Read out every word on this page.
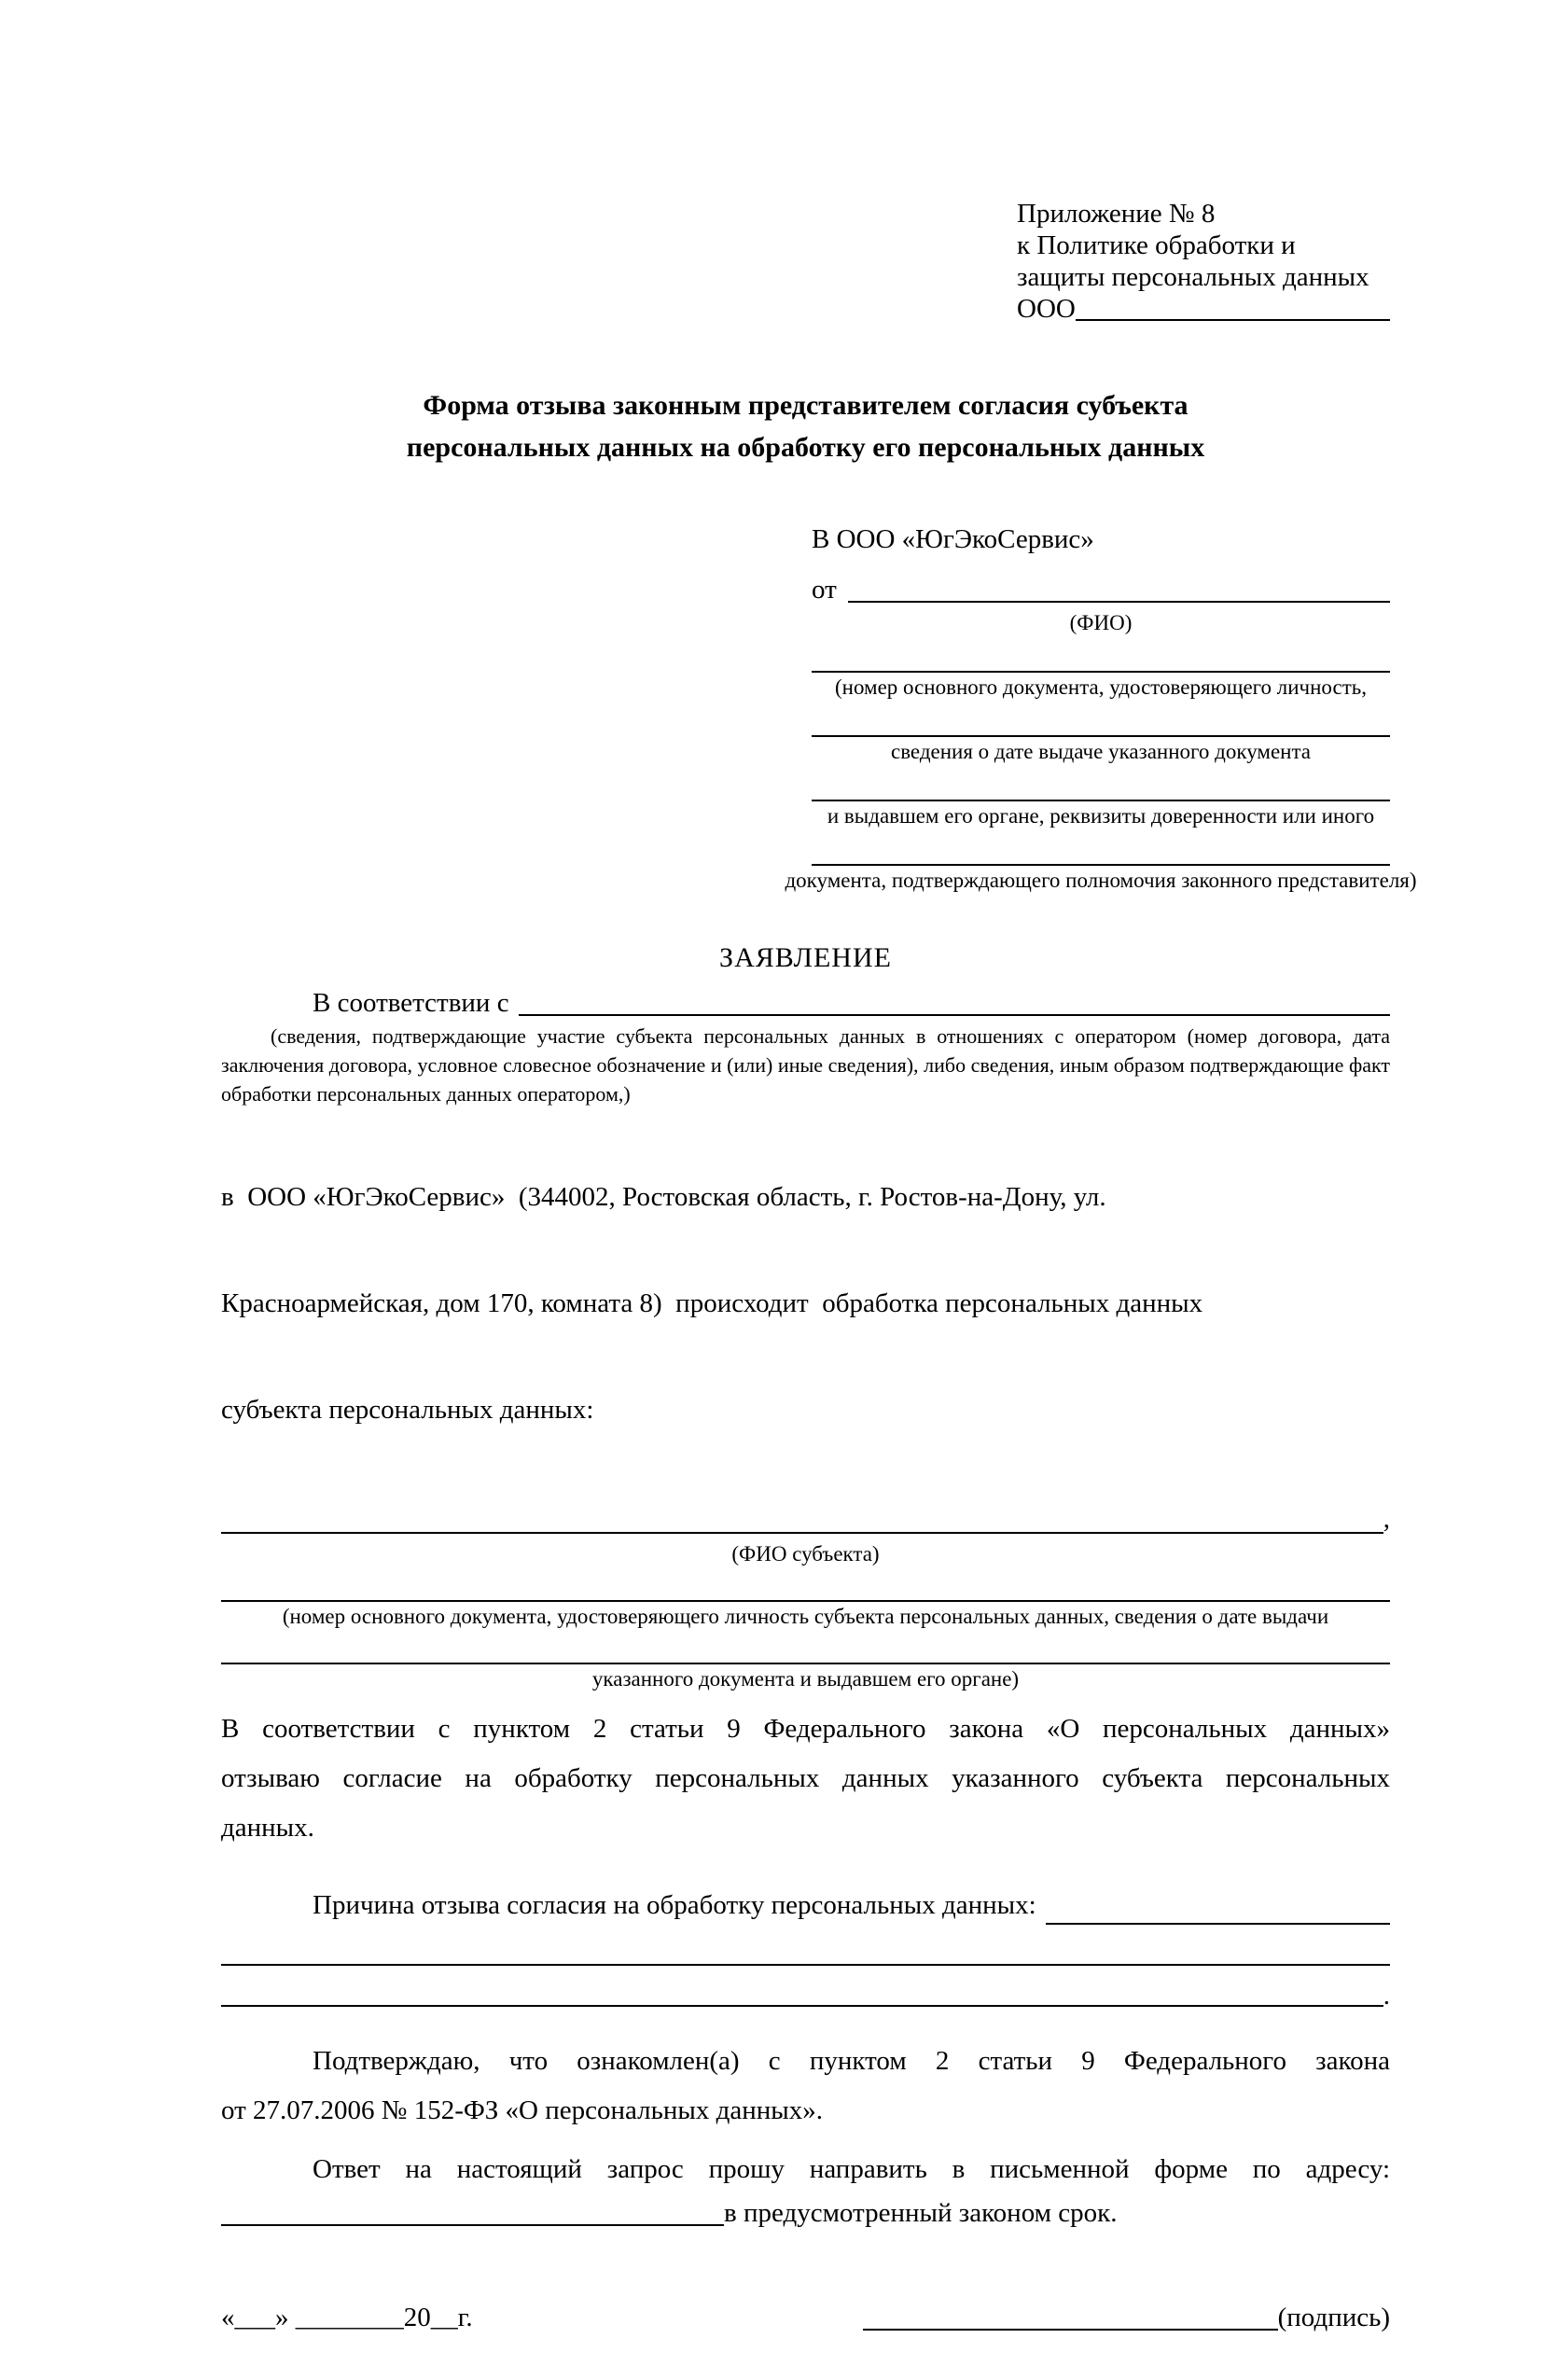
Приложение № 8
к Политике обработки и
защиты персональных данных
ООО
Форма отзыва законным представителем согласия субъекта
персональных данных на обработку его персональных данных
В ООО «ЮгЭкоСервис»
от
(ФИО)
(номер основного документа, удостоверяющего личность,
сведения о дате выдаче указанного документа
и выдавшем его органе, реквизиты доверенности или иного
документа, подтверждающего полномочия законного представителя)
ЗАЯВЛЕНИЕ
В соответствии с
(сведения, подтверждающие участие субъекта персональных данных в отношениях с оператором (номер договора, дата
заключения договора, условное словесное обозначение и (или) иные сведения), либо сведения, иным образом подтверждающие факт
обработки персональных данных оператором,)

в  ООО «ЮгЭкоСервис»  (344002, Ростовская область, г. Ростов-на-Дону, ул.

Красноармейская, дом 170, комната 8)  происходит  обработка персональных данных

субъекта персональных данных:

,
(ФИО субъекта)
(номер основного документа, удостоверяющего личность субъекта персональных данных, сведения о дате выдачи
указанного документа и выдавшем его органе)
В соответствии с пунктом 2 статьи 9 Федерального закона «О персональных данных»
отзываю согласие на обработку персональных данных указанного субъекта персональных
данных.
Причина отзыва согласия на обработку персональных данных:
.
Подтверждаю, что ознакомлен(а) с пунктом 2 статьи 9 Федерального закона
от 27.07.2006 № 152-ФЗ «О персональных данных».
Ответ на настоящий запрос прошу направить в письменной форме по адресу:
в предусмотренный законом срок.
«___» ________20__г.	(подпись)
